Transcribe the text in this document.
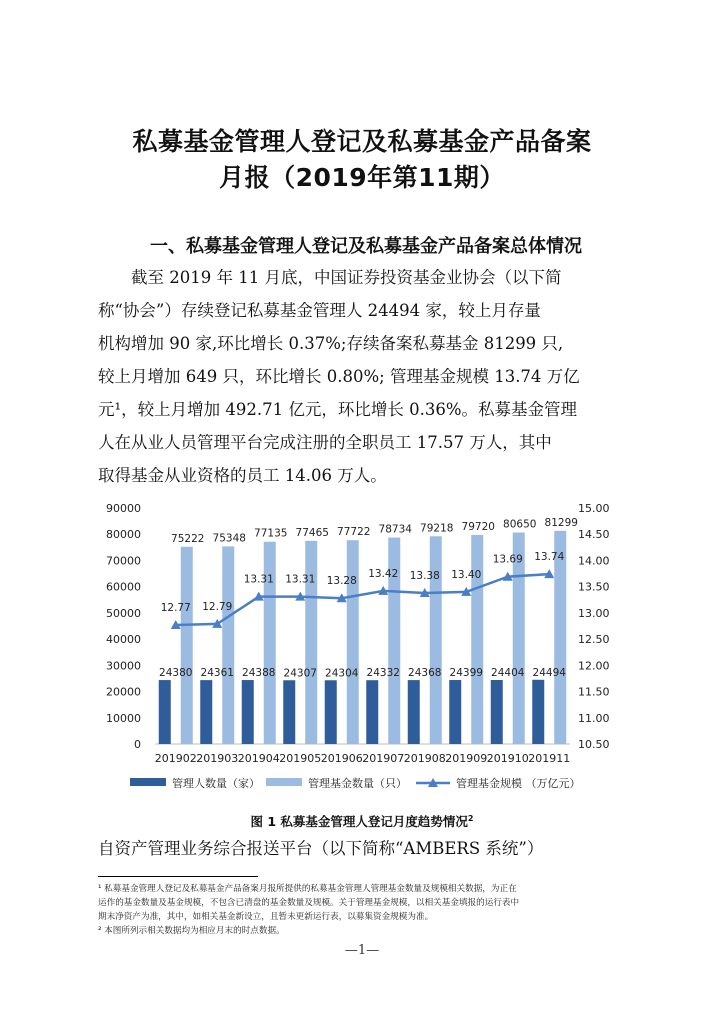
私募基金管理人登记及私募基金产品备案
月报（2019年第11期）
一、私募基金管理人登记及私募基金产品备案总体情况
截至 2019 年 11 月底，中国证券投资基金业协会（以下简
称“协会”）存续登记私募基金管理人 24494 家，较上月存量
机构增加 90 家,环比增长 0.37%;存续备案私募基金 81299 只,
较上月增加 649 只，环比增长 0.80%; 管理基金规模 13.74 万亿
元¹，较上月增加 492.71 亿元，环比增长 0.36%。私募基金管理
人在从业人员管理平台完成注册的全职员工 17.57 万人，其中
取得基金从业资格的员工 14.06 万人。
0
10000
20000
30000
40000
50000
60000
70000
80000
90000
10.50
11.00
11.50
12.00
12.50
13.00
13.50
14.00
14.50
15.00
24380
75222
201902
24361
75348
201903
24388
77135
201904
24307
77465
201905
24304
77722
201906
24332
78734
201907
24368
79218
201908
24399
79720
201909
24404
80650
201910
24494
81299
201911
12.77 12.79
13.31 13.31 13.28
13.42 13.38 13.40
13.69 13.74
管理人数量（家）	管理基金数量（只）	管理基金规模 （万亿元）
图 1 私募基金管理人登记月度趋势情况$^2$
自资产管理业务综合报送平台（以下简称“AMBERS 系统”）
¹ 私募基金管理人登记及私募基金产品备案月报所提供的私募基金管理人管理基金数量及规模相关数据，为正在
运作的基金数量及基金规模，不包含已清盘的基金数量及规模。关于管理基金规模，以相关基金填报的运行表中
期末净资产为准，其中，如相关基金新设立，且暂未更新运行表，以募集资金规模为准。
² 本图所列示相关数据均为相应月末的时点数据。
—1—
